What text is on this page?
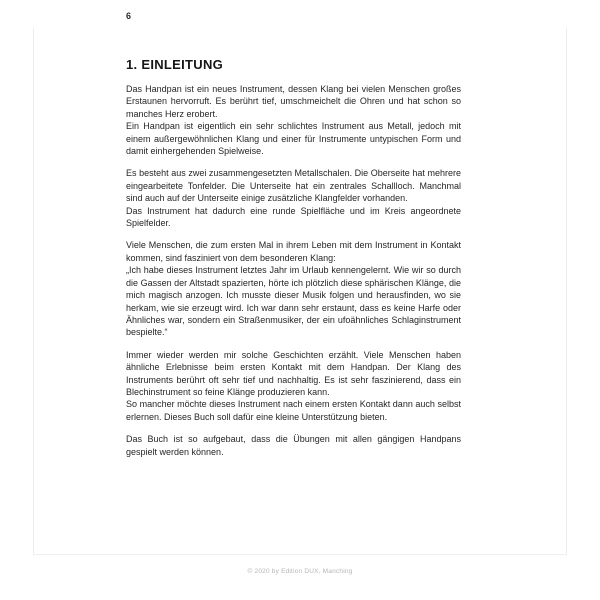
6
1. EINLEITUNG

Das Handpan ist ein neues Instrument, dessen Klang bei vielen Menschen großes Erstaunen hervorruft. Es berührt tief, umschmeichelt die Ohren und hat schon so manches Herz erobert.

Ein Handpan ist eigentlich ein sehr schlichtes Instrument aus Metall, jedoch mit einem außergewöhnlichen Klang und einer für Instrumente untypischen Form und damit einhergehenden Spielweise.

Es besteht aus zwei zusammengesetzten Metallschalen. Die Oberseite hat mehrere eingearbeitete Tonfelder. Die Unterseite hat ein zentrales Schallloch. Manchmal sind auch auf der Unterseite einige zusätzliche Klangfelder vorhanden.

Das Instrument hat dadurch eine runde Spielfläche und im Kreis angeordnete Spielfelder.

Viele Menschen, die zum ersten Mal in ihrem Leben mit dem Instrument in Kontakt kommen, sind fasziniert von dem besonderen Klang:

„Ich habe dieses Instrument letztes Jahr im Urlaub kennengelernt. Wie wir so durch die Gassen der Altstadt spazierten, hörte ich plötzlich diese sphärischen Klänge, die mich magisch anzogen. Ich musste dieser Musik folgen und herausfinden, wo sie herkam, wie sie erzeugt wird. Ich war dann sehr erstaunt, dass es keine Harfe oder Ähnliches war, sondern ein Straßenmusiker, der ein ufoähnliches Schlaginstrument bespielte.“

Immer wieder werden mir solche Geschichten erzählt. Viele Menschen haben ähnliche Erlebnisse beim ersten Kontakt mit dem Handpan. Der Klang des Instruments berührt oft sehr tief und nachhaltig. Es ist sehr faszinierend, dass ein Blechinstrument so feine Klänge produzieren kann.

So mancher möchte dieses Instrument nach einem ersten Kontakt dann auch selbst erlernen. Dieses Buch soll dafür eine kleine Unterstützung bieten.

Das Buch ist so aufgebaut, dass die Übungen mit allen gängigen Handpans gespielt werden können.

© 2020 by Edition DUX, Manching
